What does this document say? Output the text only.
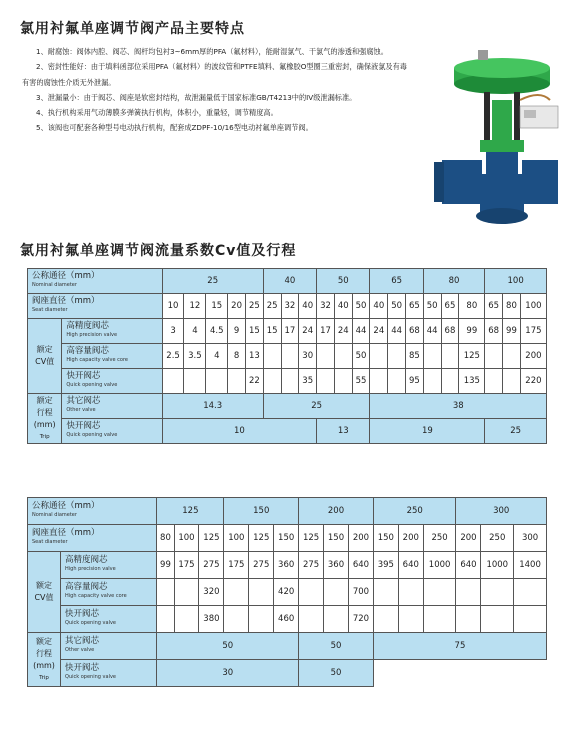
氯用衬氟单座调节阀产品主要特点

1、耐腐蚀：阀体内腔、阀芯、阀杆均包衬3~6mm厚的PFA（氟材料），能耐湿氯气、干氯气的渗透和强腐蚀。

2、密封性能好：由于填料函部位采用PFA（氟材料）的波纹管和PTFE填料、氟橡胶O型圈三重密封，确保液氯及有毒有害的腐蚀性介质无外泄漏。

3、泄漏量小：由于阀芯、阀座是软密封结构，故泄漏量低于国家标准GB/T4213中的IV级泄漏标准。

4、执行机构采用气动薄膜多弹簧执行机构，体积小，重量轻，调节精度高。

5、该阀也可配套各种型号电动执行机构，配套成ZDPF-10/16型电动衬氟单座调节阀。

氯用衬氟单座调节阀流量系数Cv值及行程
公称通径（mm）
Nominal diameter		25					40			50			65			80			100		

阀座直径（mm）
Seat diameter		10	12	15	20	25	25	32	40	32	40	50	40	50	65	50	65	80	65	80	100
额定
CV值	高精度阀芯
High precision valve	3	4	4.5	9	15	15	17	24	17	24	44	24	44	68	44	68	99	68	99	175

	高容量阀芯
High capacity valve core	2.5	3.5	4	8	13			30			50			85			125			200

	快开阀芯
Quick opening valve					22			35			55			95			135			220
额定
行程
(mm)
Trip	其它阀芯
Other valve	14.3					25						38								

	快开阀芯
Quick opening valve	10								13			19						25		
公称通径（mm）
Nominal diameter		125			150			200			250			300		

阀座直径（mm）
Seat diameter		80	100	125	100	125	150	125	150	200	150	200	250	200	250	300
额定
CV值	高精度阀芯
High precision valve	99	175	275	175	275	360	275	360	640	395	640	1000	640	1000	1400

	高容量阀芯
High capacity valve core			320			420			700						

	快开阀芯
Quick opening valve			380			460			720						
额定
行程
(mm)
Trip	其它阀芯
Other valve	50						50			75					

	快开阀芯
Quick opening valve	30						50								
